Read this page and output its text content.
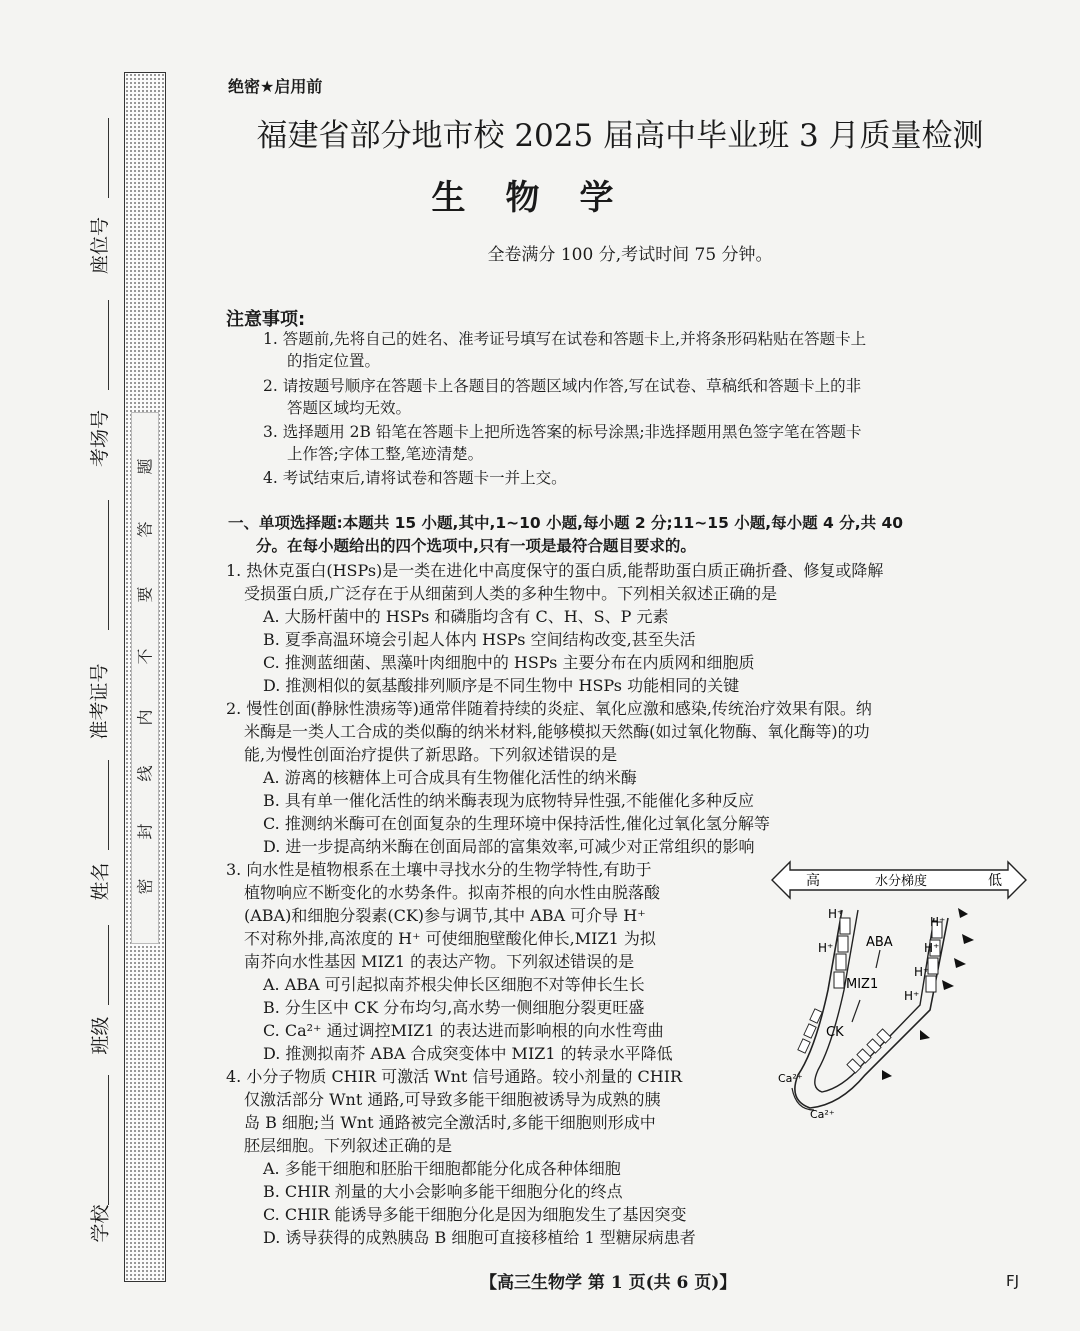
题
答
要
不
内
线
封
密
座位号
考场号
准考证号
姓名
班级
学校
绝密★启用前
福建省部分地市校 2025 届高中毕业班 3 月质量检测
生物学
全卷满分 100 分,考试时间 75 分钟。
注意事项:
1. 答题前,先将自己的姓名、准考证号填写在试卷和答题卡上,并将条形码粘贴在答题卡上
的指定位置。
2. 请按题号顺序在答题卡上各题目的答题区域内作答,写在试卷、草稿纸和答题卡上的非
答题区域均无效。
3. 选择题用 2B 铅笔在答题卡上把所选答案的标号涂黑;非选择题用黑色签字笔在答题卡
上作答;字体工整,笔迹清楚。
4. 考试结束后,请将试卷和答题卡一并上交。
一、单项选择题:本题共 15 小题,其中,1~10 小题,每小题 2 分;11~15 小题,每小题 4 分,共 40
分。在每小题给出的四个选项中,只有一项是最符合题目要求的。
1. 热休克蛋白(HSPs)是一类在进化中高度保守的蛋白质,能帮助蛋白质正确折叠、修复或降解
受损蛋白质,广泛存在于从细菌到人类的多种生物中。下列相关叙述正确的是
A. 大肠杆菌中的 HSPs 和磷脂均含有 C、H、S、P 元素
B. 夏季高温环境会引起人体内 HSPs 空间结构改变,甚至失活
C. 推测蓝细菌、黑藻叶肉细胞中的 HSPs 主要分布在内质网和细胞质
D. 推测相似的氨基酸排列顺序是不同生物中 HSPs 功能相同的关键
2. 慢性创面(静脉性溃疡等)通常伴随着持续的炎症、氧化应激和感染,传统治疗效果有限。纳
米酶是一类人工合成的类似酶的纳米材料,能够模拟天然酶(如过氧化物酶、氧化酶等)的功
能,为慢性创面治疗提供了新思路。下列叙述错误的是
A. 游离的核糖体上可合成具有生物催化活性的纳米酶
B. 具有单一催化活性的纳米酶表现为底物特异性强,不能催化多种反应
C. 推测纳米酶可在创面复杂的生理环境中保持活性,催化过氧化氢分解等
D. 进一步提高纳米酶在创面局部的富集效率,可减少对正常组织的影响
3. 向水性是植物根系在土壤中寻找水分的生物学特性,有助于
植物响应不断变化的水势条件。拟南芥根的向水性由脱落酸
(ABA)和细胞分裂素(CK)参与调节,其中 ABA 可介导 H⁺
不对称外排,高浓度的 H⁺ 可使细胞壁酸化伸长,MIZ1 为拟
南芥向水性基因 MIZ1 的表达产物。下列叙述错误的是
A. ABA 可引起拟南芥根尖伸长区细胞不对等伸长生长
B. 分生区中 CK 分布均匀,高水势一侧细胞分裂更旺盛
C. Ca²⁺ 通过调控MIZ1 的表达进而影响根的向水性弯曲
D. 推测拟南芥 ABA 合成突变体中 MIZ1 的转录水平降低
4. 小分子物质 CHIR 可激活 Wnt 信号通路。较小剂量的 CHIR
仅激活部分 Wnt 通路,可导致多能干细胞被诱导为成熟的胰
岛 B 细胞;当 Wnt 通路被完全激活时,多能干细胞则形成中
胚层细胞。下列叙述正确的是
A. 多能干细胞和胚胎干细胞都能分化成各种体细胞
B. CHIR 剂量的大小会影响多能干细胞分化的终点
C. CHIR 能诱导多能干细胞分化是因为细胞发生了基因突变
D. 诱导获得的成熟胰岛 B 细胞可直接移植给 1 型糖尿病患者
高	水分梯度	低
H⁺
H⁺
H⁺
H⁺
H⁺
H⁺
ABA
MIZ1
CK
Ca²⁺
Ca²⁺
【高三生物学 第 1 页(共 6 页)】	FJ
